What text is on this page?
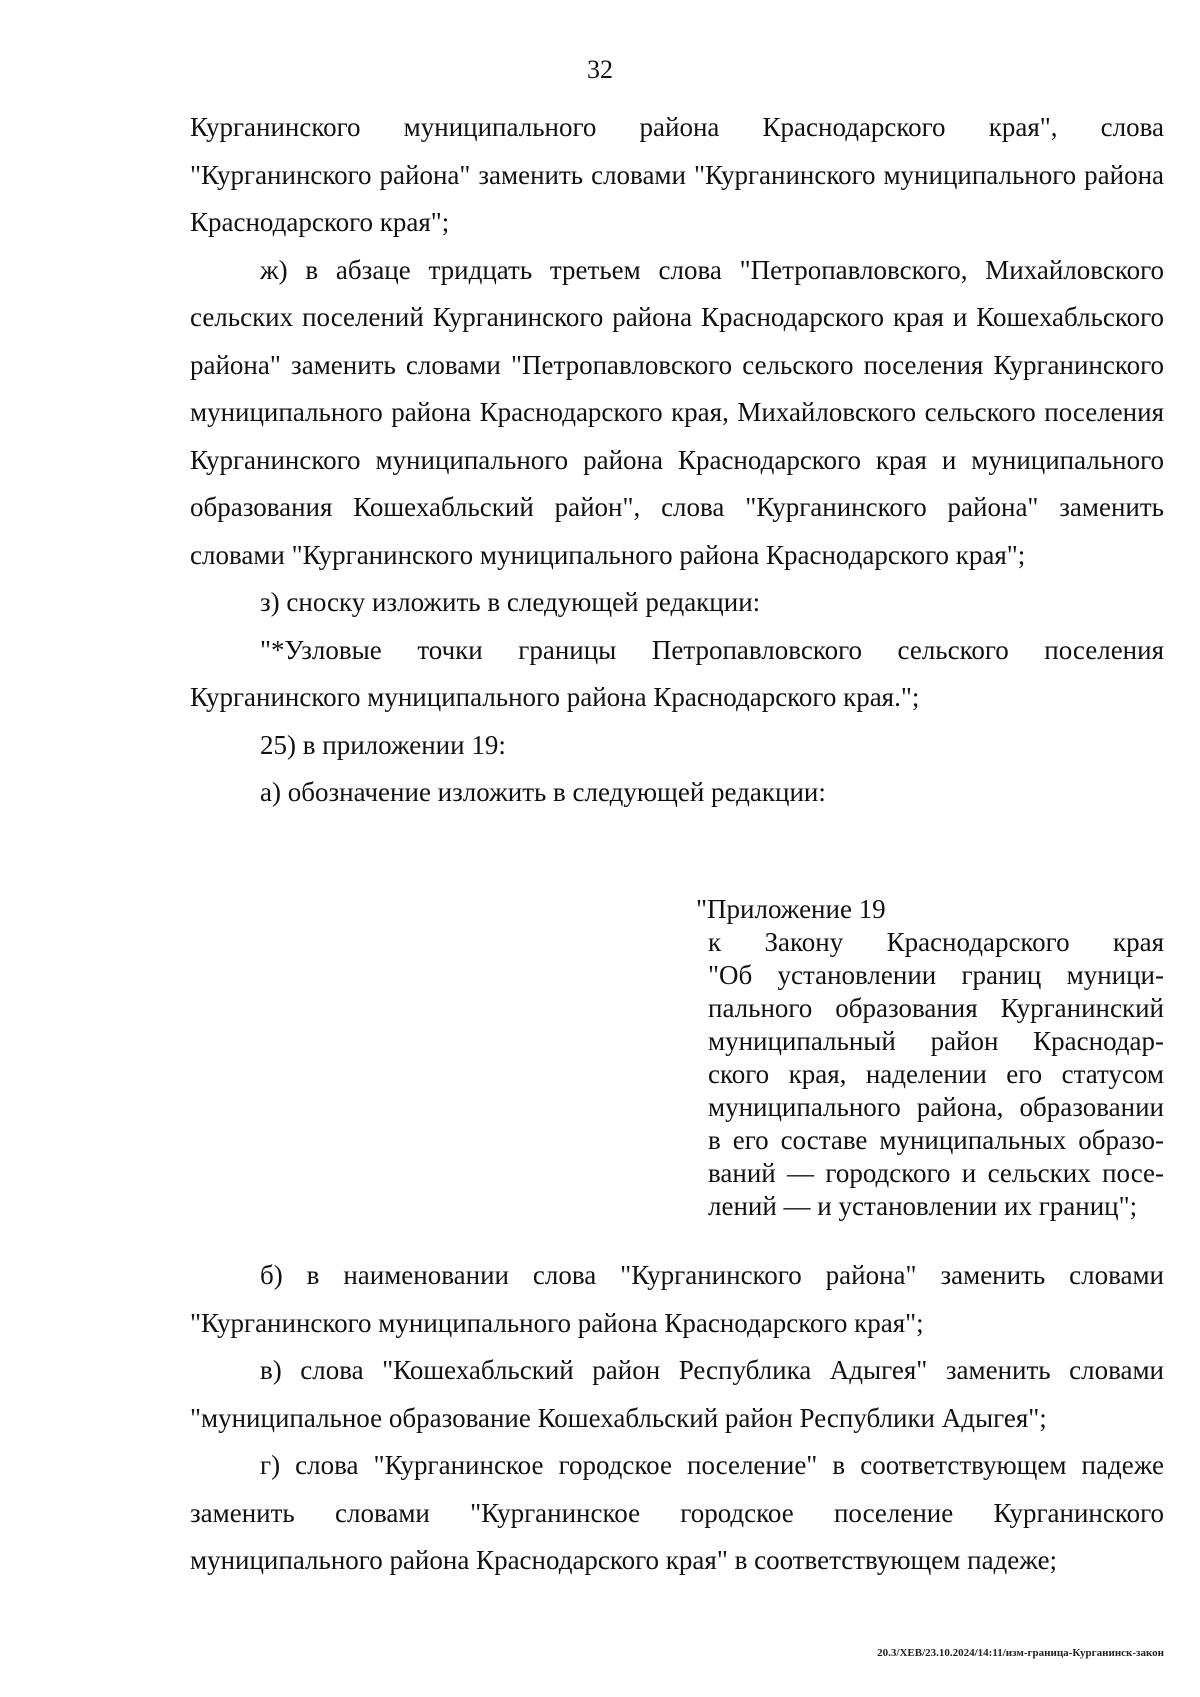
32

Курганинского муниципального района Краснодарского края", слова "Курганинского района" заменить словами "Курганинского муниципального района Краснодарского края";

ж) в абзаце тридцать третьем слова "Петропавловского, Михайловского сельских поселений Курганинского района Краснодарского края и Кошехабльского района" заменить словами "Петропавловского сельского поселения Курганинского муниципального района Краснодарского края, Михайловского сельского поселения Курганинского муниципального района Краснодарского края и муниципального образования Кошехабльский район", слова "Курганинского района" заменить словами "Курганинского муниципального района Краснодарского края";

з) сноску изложить в следующей редакции:

"*Узловые точки границы Петропавловского сельского поселения Курганинского муниципального района Краснодарского края.";

25) в приложении 19:

а) обозначение изложить в следующей редакции:

"Приложение 19

к Закону Краснодарского края
"Об установлении границ муници-
пального образования Курганинский
муниципальный район Краснодар-
ского края, наделении его статусом
муниципального района, образовании
в его составе муниципальных образо-
ваний — городского и сельских посе-
лений — и установлении их границ";

б) в наименовании слова "Курганинского района" заменить словами "Курганинского муниципального района Краснодарского края";

в) слова "Кошехабльский район Республика Адыгея" заменить словами "муниципальное образование Кошехабльский район Республики Адыгея";

г) слова "Курганинское городское поселение" в соответствующем падеже заменить словами "Курганинское городское поселение Курганинского муниципального района Краснодарского края" в соответствующем падеже;

20.3/ХЕВ/23.10.2024/14:11/изм-граница-Курганинск-закон
